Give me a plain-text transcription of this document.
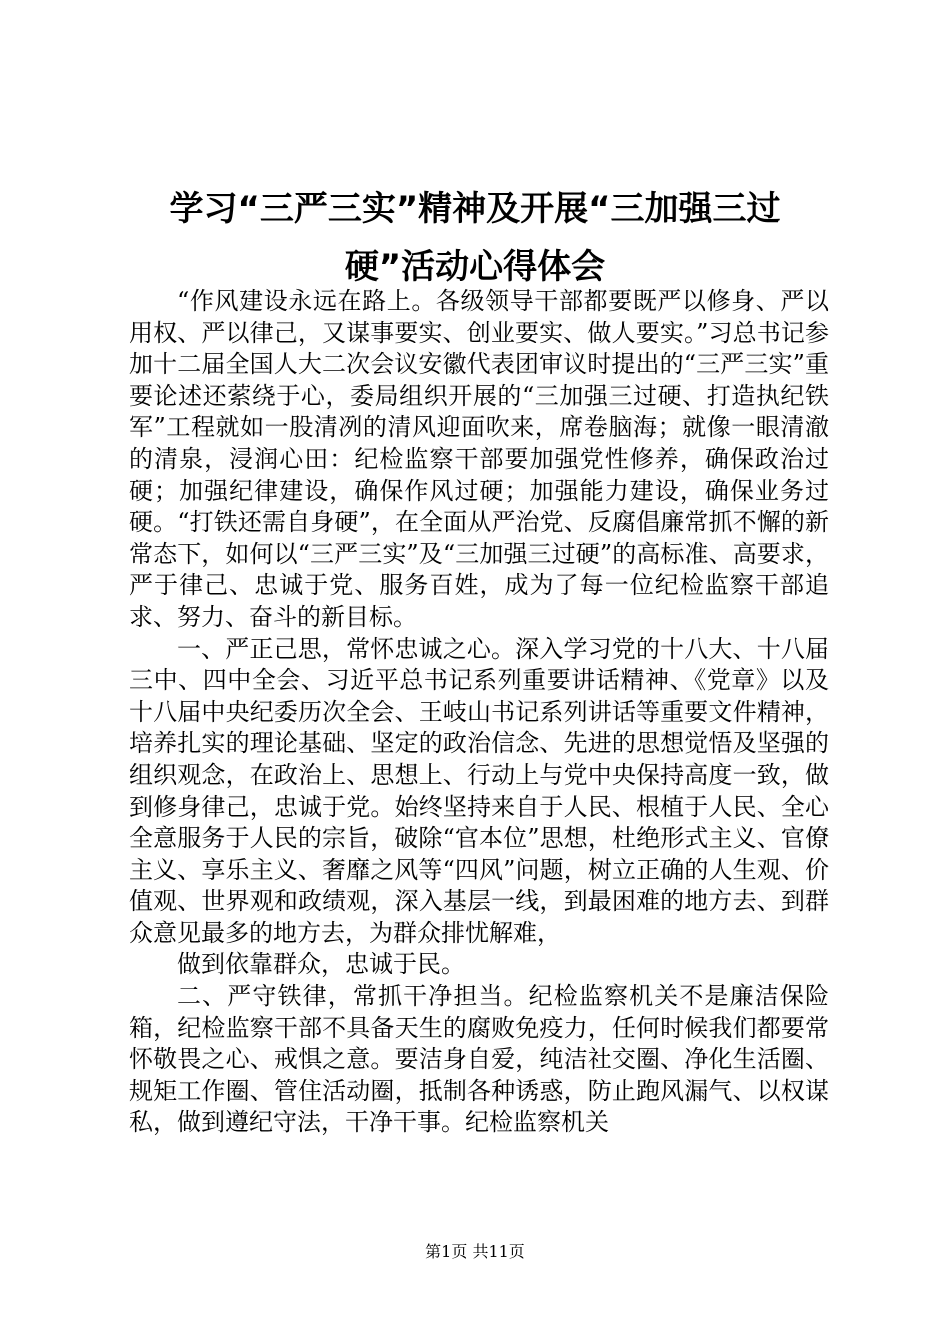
学习“三严三实”精神及开展“三加强三过
硬”活动心得体会

“作风建设永远在路上。各级领导干部都要既严以修身、严以用权、严以律己，又谋事要实、创业要实、做人要实。”习总书记参加十二届全国人大二次会议安徽代表团审议时提出的“三严三实”重要论述还萦绕于心，委局组织开展的“三加强三过硬、打造执纪铁军”工程就如一股清冽的清风迎面吹来，席卷脑海；就像一眼清澈的清泉，浸润心田：纪检监察干部要加强党性修养，确保政治过硬；加强纪律建设，确保作风过硬；加强能力建设，确保业务过硬。“打铁还需自身硬”，在全面从严治党、反腐倡廉常抓不懈的新常态下，如何以“三严三实”及“三加强三过硬”的高标准、高要求，严于律己、忠诚于党、服务百姓，成为了每一位纪检监察干部追求、努力、奋斗的新目标。

一、严正己思，常怀忠诚之心。深入学习党的十八大、十八届三中、四中全会、习近平总书记系列重要讲话精神、《党章》以及十八届中央纪委历次全会、王岐山书记系列讲话等重要文件精神，培养扎实的理论基础、坚定的政治信念、先进的思想觉悟及坚强的组织观念，在政治上、思想上、行动上与党中央保持高度一致，做到修身律己，忠诚于党。始终坚持来自于人民、根植于人民、全心全意服务于人民的宗旨，破除“官本位”思想，杜绝形式主义、官僚主义、享乐主义、奢靡之风等“四风”问题，树立正确的人生观、价值观、世界观和政绩观，深入基层一线，到最困难的地方去、到群众意见最多的地方去，为群众排忧解难，

做到依靠群众，忠诚于民。

二、严守铁律，常抓干净担当。纪检监察机关不是廉洁保险箱，纪检监察干部不具备天生的腐败免疫力，任何时候我们都要常怀敬畏之心、戒惧之意。要洁身自爱，纯洁社交圈、净化生活圈、规矩工作圈、管住活动圈，抵制各种诱惑，防止跑风漏气、以权谋私，做到遵纪守法，干净干事。纪检监察机关

第1页 共11页
